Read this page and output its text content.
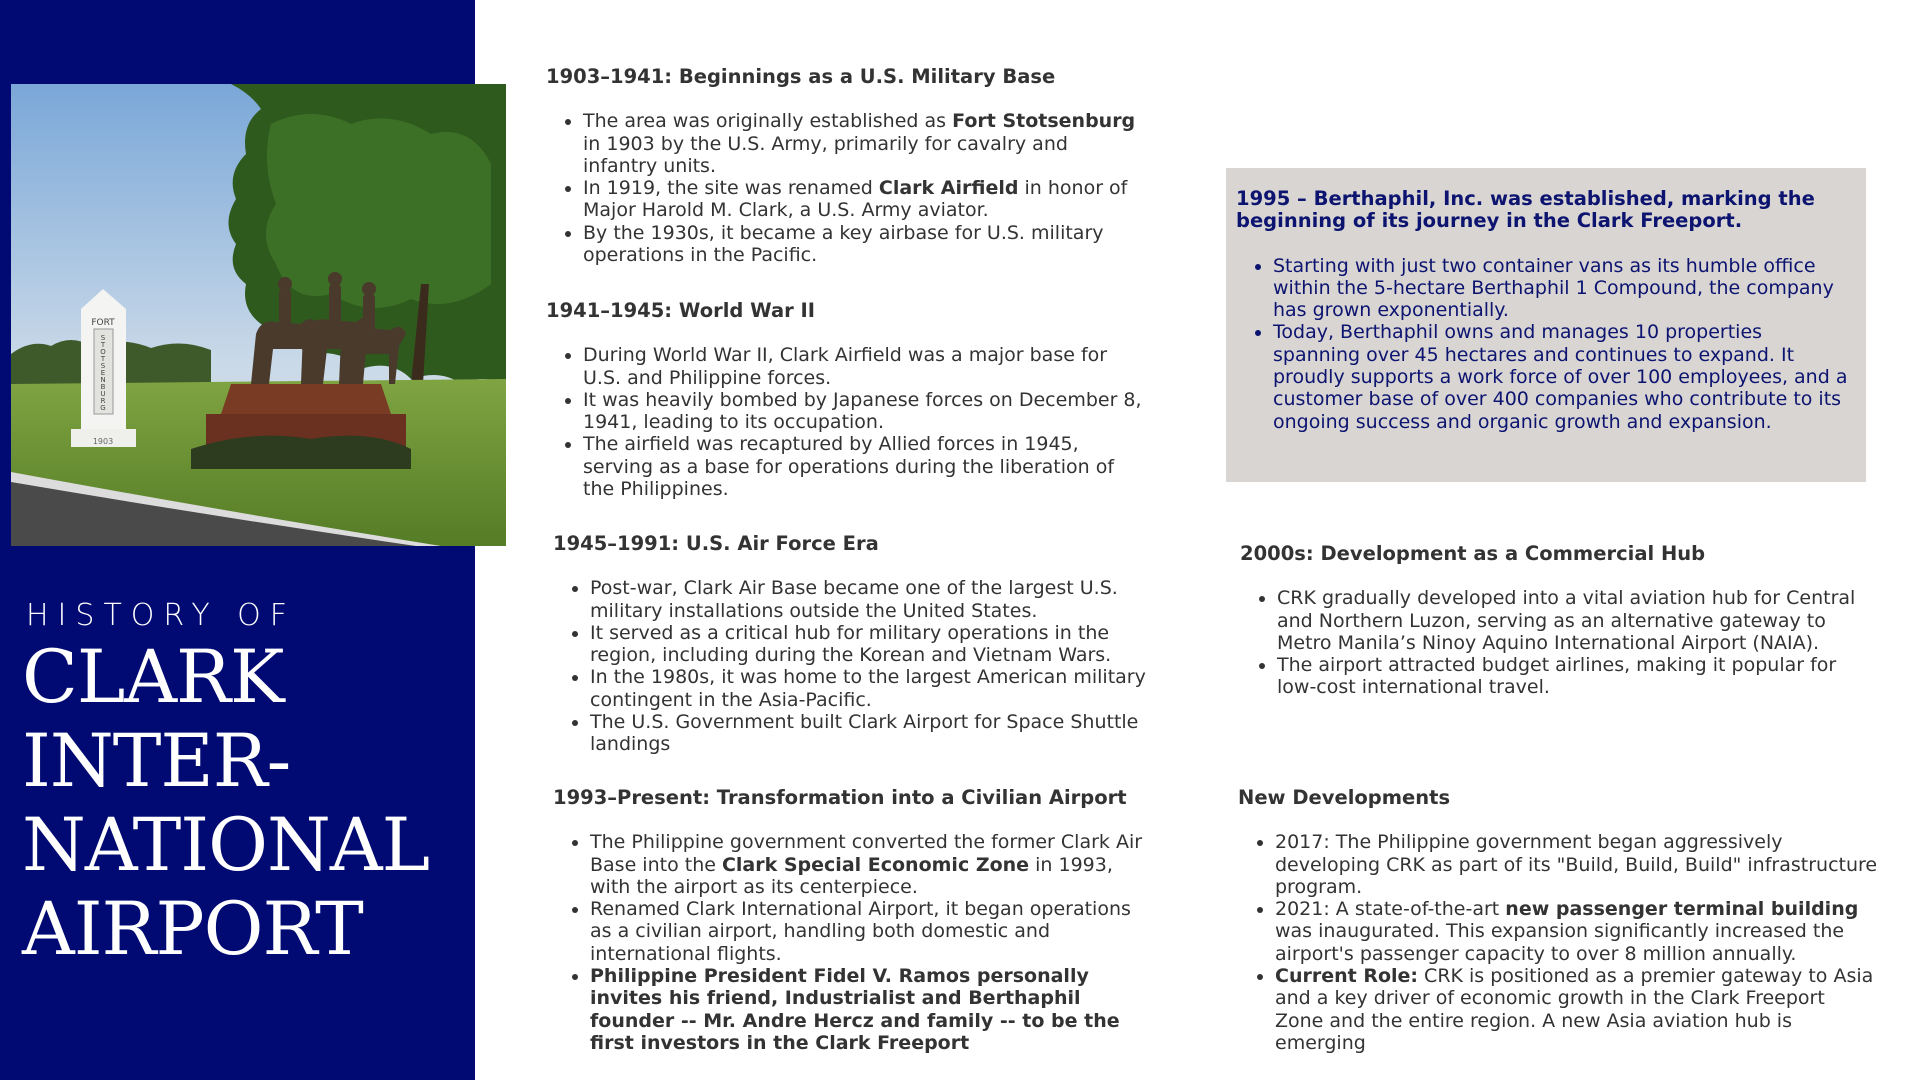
HISTORY OF
CLARK
INTER-
NATIONAL
AIRPORT
FORT
1903
S
T
O
T
S
E
N
B
U
R
G
1903–1941: Beginnings as a U.S. Military Base
• The area was originally established as Fort Stotsenburg in 1903 by the U.S. Army, primarily for cavalry and infantry units.
• In 1919, the site was renamed Clark Airfield in honor of Major Harold M. Clark, a U.S. Army aviator.
• By the 1930s, it became a key airbase for U.S. military operations in the Pacific.
1941–1945: World War II
• During World War II, Clark Airfield was a major base for U.S. and Philippine forces.
• It was heavily bombed by Japanese forces on December 8, 1941, leading to its occupation.
• The airfield was recaptured by Allied forces in 1945, serving as a base for operations during the liberation of the Philippines.
1945–1991: U.S. Air Force Era
• Post-war, Clark Air Base became one of the largest U.S. military installations outside the United States.
• It served as a critical hub for military operations in the region, including during the Korean and Vietnam Wars.
• In the 1980s, it was home to the largest American military contingent in the Asia-Pacific.
• The U.S. Government built Clark Airport for Space Shuttle landings
1993–Present: Transformation into a Civilian Airport
• The Philippine government converted the former Clark Air Base into the Clark Special Economic Zone in 1993, with the airport as its centerpiece.
• Renamed Clark International Airport, it began operations as a civilian airport, handling both domestic and international flights.
• Philippine President Fidel V. Ramos personally invites his friend, Industrialist and Berthaphil founder -- Mr. Andre Hercz and family -- to be the first investors in the Clark Freeport
1995 – Berthaphil, Inc. was established, marking the beginning of its journey in the Clark Freeport.
• Starting with just two container vans as its humble office within the 5-hectare Berthaphil 1 Compound, the company has grown exponentially.
• Today, Berthaphil owns and manages 10 properties spanning over 45 hectares and continues to expand. It proudly supports a work force of over 100 employees, and a customer base of over 400 companies who contribute to its ongoing success and organic growth and expansion.
2000s: Development as a Commercial Hub
• CRK gradually developed into a vital aviation hub for Central and Northern Luzon, serving as an alternative gateway to Metro Manila’s Ninoy Aquino International Airport (NAIA).
• The airport attracted budget airlines, making it popular for low-cost international travel.
New Developments
• 2017: The Philippine government began aggressively developing CRK as part of its "Build, Build, Build" infrastructure program.
• 2021: A state-of-the-art new passenger terminal building was inaugurated. This expansion significantly increased the airport's passenger capacity to over 8 million annually.
• Current Role: CRK is positioned as a premier gateway to Asia and a key driver of economic growth in the Clark Freeport Zone and the entire region. A new Asia aviation hub is emerging
